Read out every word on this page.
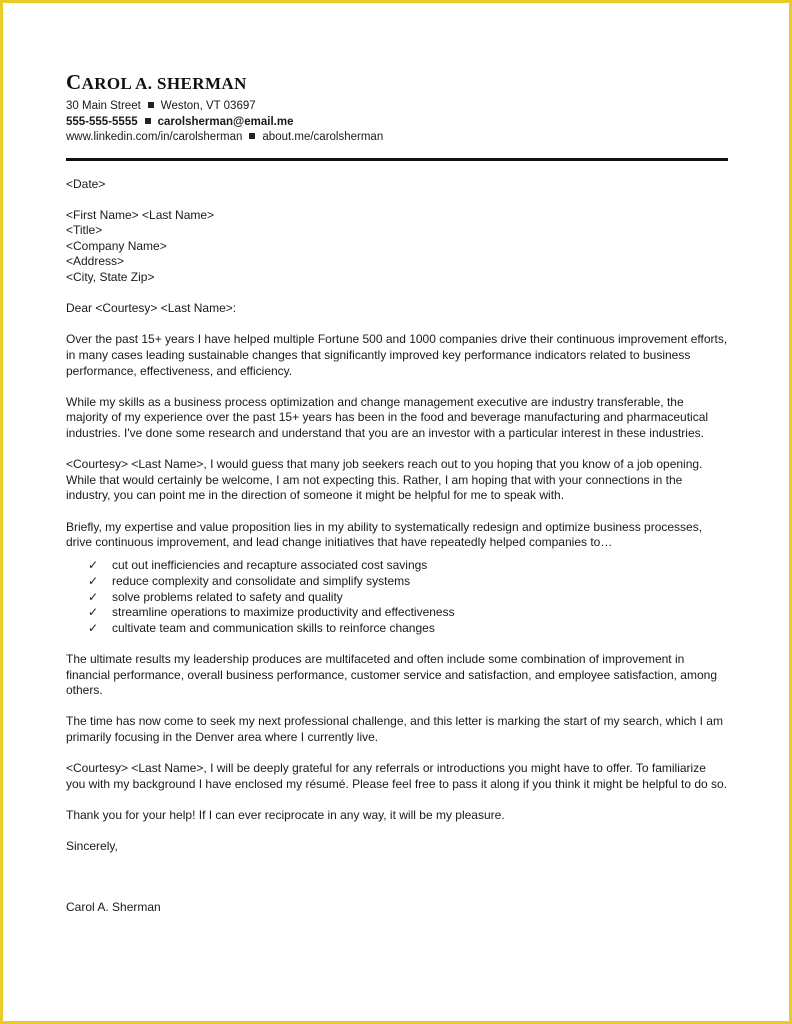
CAROL A. SHERMAN
30 Main Street Weston, VT 03697
555-555-5555 carolsherman@email.me
www.linkedin.com/in/carolsherman about.me/carolsherman

<Date>

<First Name> <Last Name>

<Title>

<Company Name>

<Address>

<City, State Zip>

Dear <Courtesy> <Last Name>:

Over the past 15+ years I have helped multiple Fortune 500 and 1000 companies drive their continuous improvement efforts, in many cases leading sustainable changes that significantly improved key performance indicators related to business performance, effectiveness, and efficiency.

While my skills as a business process optimization and change management executive are industry transferable, the majority of my experience over the past 15+ years has been in the food and beverage manufacturing and pharmaceutical industries. I've done some research and understand that you are an investor with a particular interest in these industries.

<Courtesy> <Last Name>, I would guess that many job seekers reach out to you hoping that you know of a job opening. While that would certainly be welcome, I am not expecting this. Rather, I am hoping that with your connections in the industry, you can point me in the direction of someone it might be helpful for me to speak with.

Briefly, my expertise and value proposition lies in my ability to systematically redesign and optimize business processes, drive continuous improvement, and lead change initiatives that have repeatedly helped companies to…

✓	cut out inefficiencies and recapture associated cost savings
✓	reduce complexity and consolidate and simplify systems
✓	solve problems related to safety and quality
✓	streamline operations to maximize productivity and effectiveness
✓	cultivate team and communication skills to reinforce changes

The ultimate results my leadership produces are multifaceted and often include some combination of improvement in financial performance, overall business performance, customer service and satisfaction, and employee satisfaction, among others.

The time has now come to seek my next professional challenge, and this letter is marking the start of my search, which I am primarily focusing in the Denver area where I currently live.

<Courtesy> <Last Name>, I will be deeply grateful for any referrals or introductions you might have to offer. To familiarize you with my background I have enclosed my résumé. Please feel free to pass it along if you think it might be helpful to do so.

Thank you for your help! If I can ever reciprocate in any way, it will be my pleasure.

Sincerely,

Carol A. Sherman
